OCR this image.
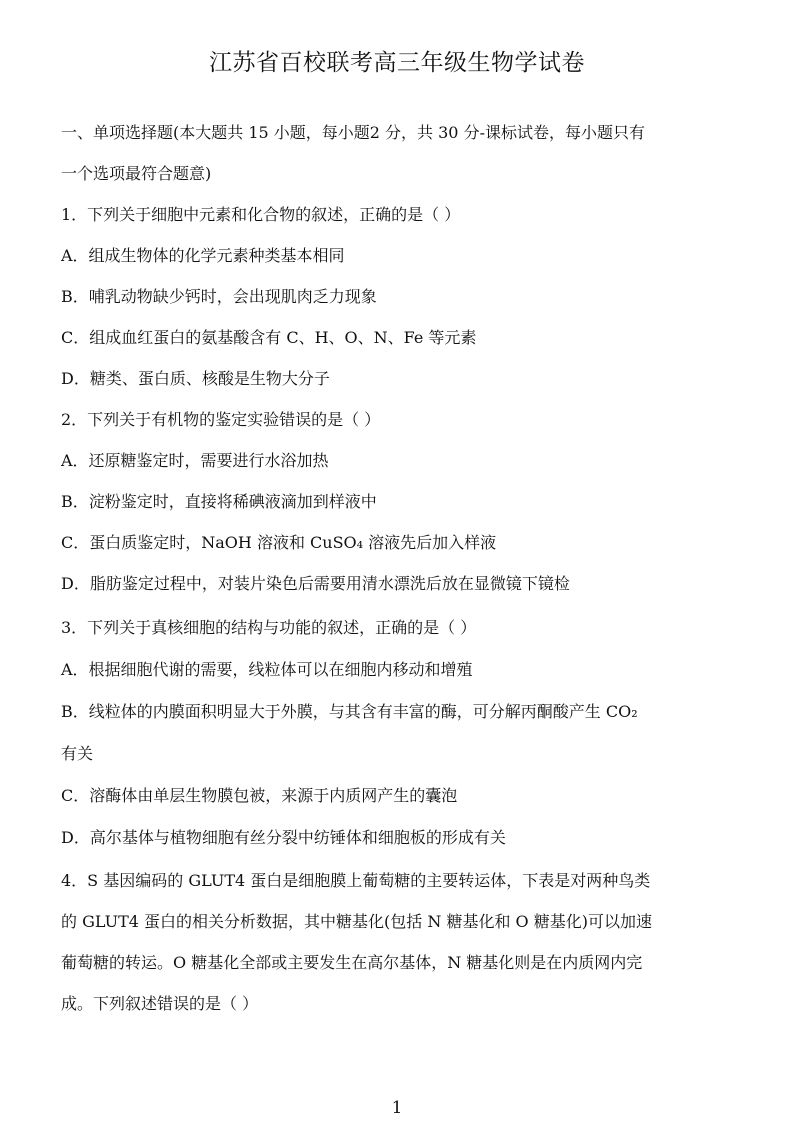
江苏省百校联考高三年级生物学试卷
一、单项选择题(本大题共 15 小题，每小题2 分，共 30 分-课标试卷，每小题只有
一个选项最符合题意)
1．下列关于细胞中元素和化合物的叙述，正确的是（ ）
A．组成生物体的化学元素种类基本相同
B．哺乳动物缺少钙时，会出现肌肉乏力现象
C．组成血红蛋白的氨基酸含有 C、H、O、N、Fe 等元素
D．糖类、蛋白质、核酸是生物大分子
2．下列关于有机物的鉴定实验错误的是（ ）
A．还原糖鉴定时，需要进行水浴加热
B．淀粉鉴定时，直接将稀碘液滴加到样液中
C．蛋白质鉴定时，NaOH 溶液和 CuSO₄ 溶液先后加入样液
D．脂肪鉴定过程中，对装片染色后需要用清水漂洗后放在显微镜下镜检
3．下列关于真核细胞的结构与功能的叙述，正确的是（ ）
A．根据细胞代谢的需要，线粒体可以在细胞内移动和增殖
B．线粒体的内膜面积明显大于外膜，与其含有丰富的酶，可分解丙酮酸产生 CO₂
有关
C．溶酶体由单层生物膜包被，来源于内质网产生的囊泡
D．高尔基体与植物细胞有丝分裂中纺锤体和细胞板的形成有关
4．S 基因编码的 GLUT4 蛋白是细胞膜上葡萄糖的主要转运体，下表是对两种鸟类
的 GLUT4 蛋白的相关分析数据，其中糖基化(包括 N 糖基化和 O 糖基化)可以加速
葡萄糖的转运。O 糖基化全部或主要发生在高尔基体，N 糖基化则是在内质网内完
成。下列叙述错误的是（ ）
1
